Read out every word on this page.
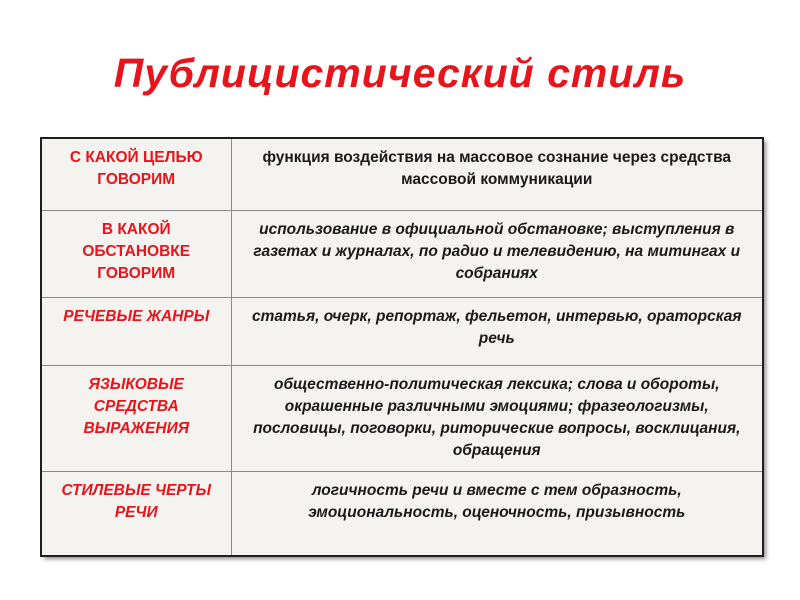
Публицистический стиль
С КАКОЙ ЦЕЛЬЮ ГОВОРИМ	функция воздействия на массовое сознание через средства массовой коммуникации
В КАКОЙ ОБСТАНОВКЕ ГОВОРИМ	использование в официальной обстановке; выступления в газетах и журналах, по радио и телевидению, на митингах и собраниях
РЕЧЕВЫЕ ЖАНРЫ	статья, очерк, репортаж, фельетон, интервью, ораторская речь
ЯЗЫКОВЫЕ СРЕДСТВА ВЫРАЖЕНИЯ	общественно-политическая лексика; слова и обороты, окрашенные различными эмоциями; фразеологизмы, пословицы, поговорки, риторические вопросы, восклицания, обращения
СТИЛЕВЫЕ ЧЕРТЫ РЕЧИ	логичность речи и вместе с тем образность, эмоциональность, оценочность, призывность
